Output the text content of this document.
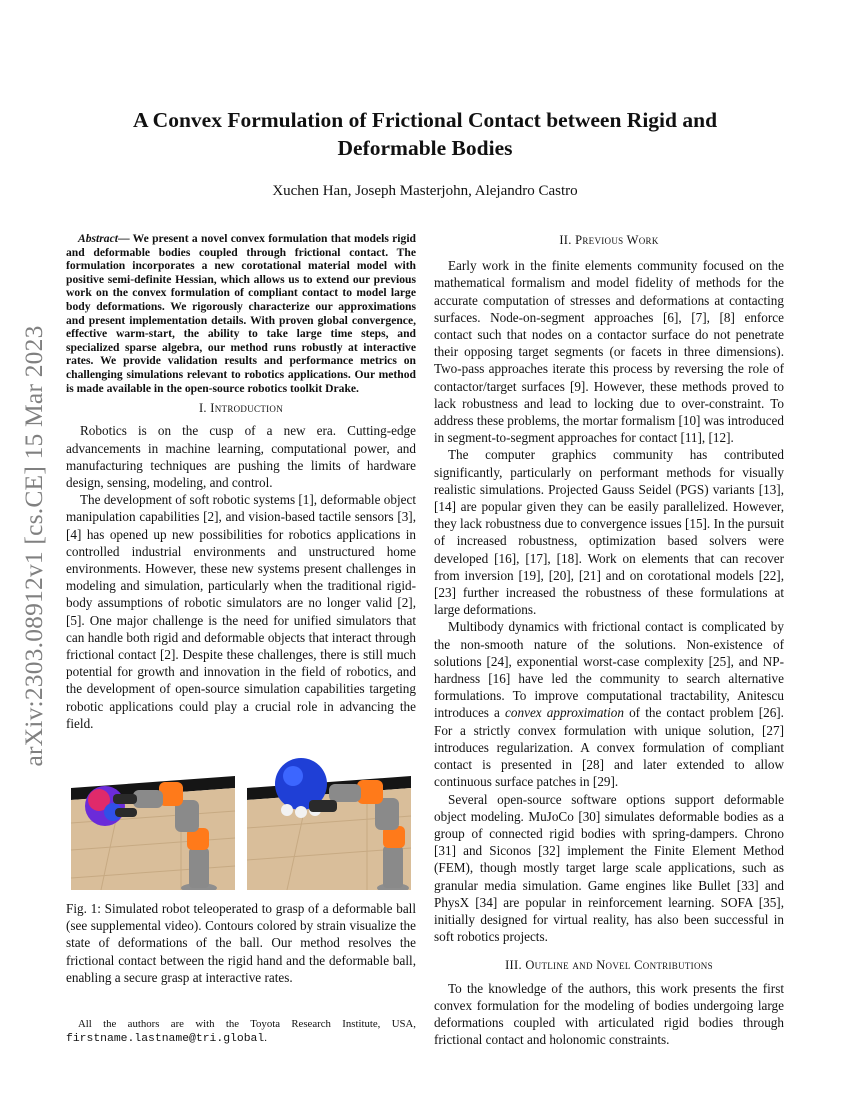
arXiv:2303.08912v1 [cs.CE] 15 Mar 2023
A Convex Formulation of Frictional Contact between Rigid and
Deformable Bodies
Xuchen Han, Joseph Masterjohn, Alejandro Castro

Abstract— We present a novel convex formulation that models rigid and deformable bodies coupled through frictional contact. The formulation incorporates a new corotational material model with positive semi-definite Hessian, which allows us to extend our previous work on the convex formulation of compliant contact to model large body deformations. We rigorously characterize our approximations and present implementation details. With proven global convergence, effective warm-start, the ability to take large time steps, and specialized sparse algebra, our method runs robustly at interactive rates. We provide validation results and performance metrics on challenging simulations relevant to robotics applications. Our method is made available in the open-source robotics toolkit Drake.

I. Introduction

Robotics is on the cusp of a new era. Cutting-edge advancements in machine learning, computational power, and manufacturing techniques are pushing the limits of hardware design, sensing, modeling, and control.

The development of soft robotic systems [1], deformable object manipulation capabilities [2], and vision-based tactile sensors [3], [4] has opened up new possibilities for robotics applications in controlled industrial environments and unstructured home environments. However, these new systems present challenges in modeling and simulation, particularly when the traditional rigid-body assumptions of robotic simulators are no longer valid [2], [5]. One major challenge is the need for unified simulators that can handle both rigid and deformable objects that interact through frictional contact [2]. Despite these challenges, there is still much potential for growth and innovation in the field of robotics, and the development of open-source simulation capabilities targeting robotic applications could play a crucial role in advancing the field.

Fig. 1: Simulated robot teleoperated to grasp of a deformable ball (see supplemental video). Contours colored by strain visualize the state of deformations of the ball. Our method resolves the frictional contact between the rigid hand and the deformable ball, enabling a secure grasp at interactive rates.

All the authors are with the Toyota Research Institute, USA, firstname.lastname@tri.global.
II. Previous Work

Early work in the finite elements community focused on the mathematical formalism and model fidelity of methods for the accurate computation of stresses and deformations at contacting surfaces. Node-on-segment approaches [6], [7], [8] enforce contact such that nodes on a contactor surface do not penetrate their opposing target segments (or facets in three dimensions). Two-pass approaches iterate this process by reversing the role of contactor/target surfaces [9]. However, these methods proved to lack robustness and lead to locking due to over-constraint. To address these problems, the mortar formalism [10] was introduced in segment-to-segment approaches for contact [11], [12].

The computer graphics community has contributed significantly, particularly on performant methods for visually realistic simulations. Projected Gauss Seidel (PGS) variants [13], [14] are popular given they can be easily parallelized. However, they lack robustness due to convergence issues [15]. In the pursuit of increased robustness, optimization based solvers were developed [16], [17], [18]. Work on elements that can recover from inversion [19], [20], [21] and on corotational models [22], [23] further increased the robustness of these formulations at large deformations.

Multibody dynamics with frictional contact is complicated by the non-smooth nature of the solutions. Non-existence of solutions [24], exponential worst-case complexity [25], and NP-hardness [16] have led the community to search alternative formulations. To improve computational tractability, Anitescu introduces a convex approximation of the contact problem [26]. For a strictly convex formulation with unique solution, [27] introduces regularization. A convex formulation of compliant contact is presented in [28] and later extended to allow continuous surface patches in [29].

Several open-source software options support deformable object modeling. MuJoCo [30] simulates deformable bodies as a group of connected rigid bodies with spring-dampers. Chrono [31] and Siconos [32] implement the Finite Element Method (FEM), though mostly target large scale applications, such as granular media simulation. Game engines like Bullet [33] and PhysX [34] are popular in reinforcement learning. SOFA [35], initially designed for virtual reality, has also been successful in soft robotics projects.

III. Outline and Novel Contributions

To the knowledge of the authors, this work presents the first convex formulation for the modeling of bodies undergoing large deformations coupled with articulated rigid bodies through frictional contact and holonomic constraints.
